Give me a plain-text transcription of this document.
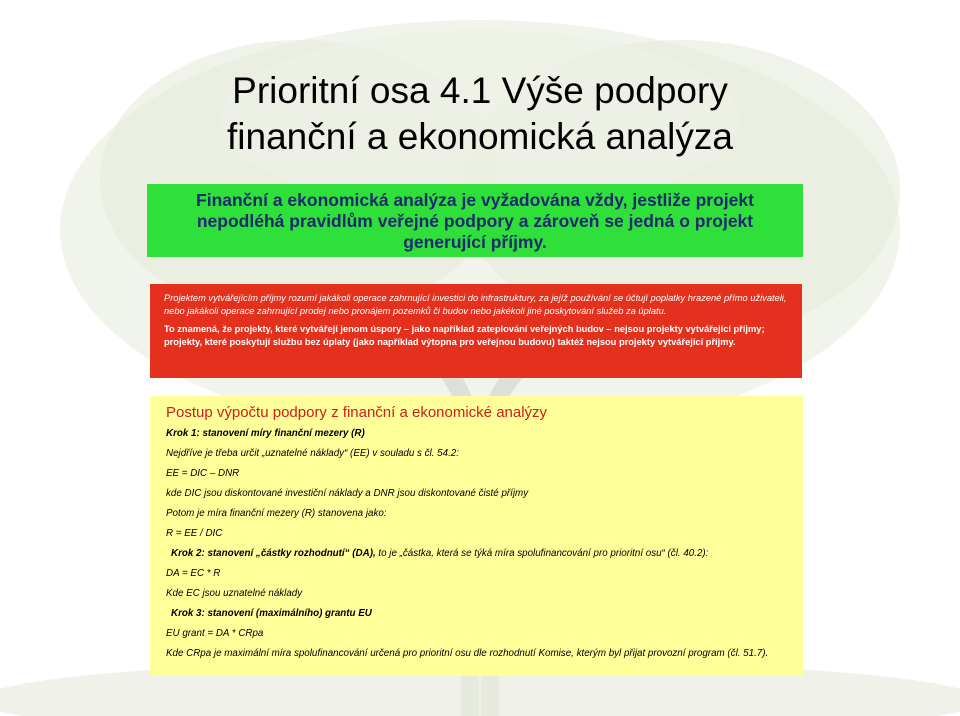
Prioritní osa 4.1 Výše podpory
finanční a ekonomická analýza
Finanční a ekonomická analýza je vyžadována vždy, jestliže projekt nepodléhá pravidlům veřejné podpory a zároveň se jedná o projekt generující příjmy.

Projektem vytvářejícím příjmy rozumí jakákoli operace zahrnující investici do infrastruktury, za jejíž používání se účtují poplatky hrazené přímo uživateli, nebo jakákoli operace zahrnující prodej nebo pronájem pozemků či budov nebo jakékoli jiné poskytování služeb za úplatu.

To znamená, že projekty, které vytvářejí jenom úspory – jako například zateplování veřejných budov – nejsou projekty vytvářející příjmy; projekty, které poskytují službu bez úplaty (jako například výtopna pro veřejnou budovu) taktéž nejsou projekty vytvářející příjmy.

Postup výpočtu podpory z finanční a ekonomické analýzy
Krok 1: stanovení míry finanční mezery (R)
Nejdříve je třeba určit „uznatelné náklady“ (EE) v souladu s čl. 54.2:
EE = DIC – DNR
kde DIC jsou diskontované investiční náklady a DNR jsou diskontované čisté příjmy
Potom je míra finanční mezery (R) stanovena jako:
R = EE / DIC
Krok 2: stanovení „částky rozhodnutí“ (DA), to je „částka, která se týká míra spolufinancování pro prioritní osu“ (čl. 40.2):
DA = EC * R
Kde EC jsou uznatelné náklady
Krok 3: stanovení (maximálního) grantu EU
EU grant = DA * CRpa
Kde CRpa je maximální míra spolufinancování určená pro prioritní osu dle rozhodnutí Komise, kterým byl přijat provozní program (čl. 51.7).
